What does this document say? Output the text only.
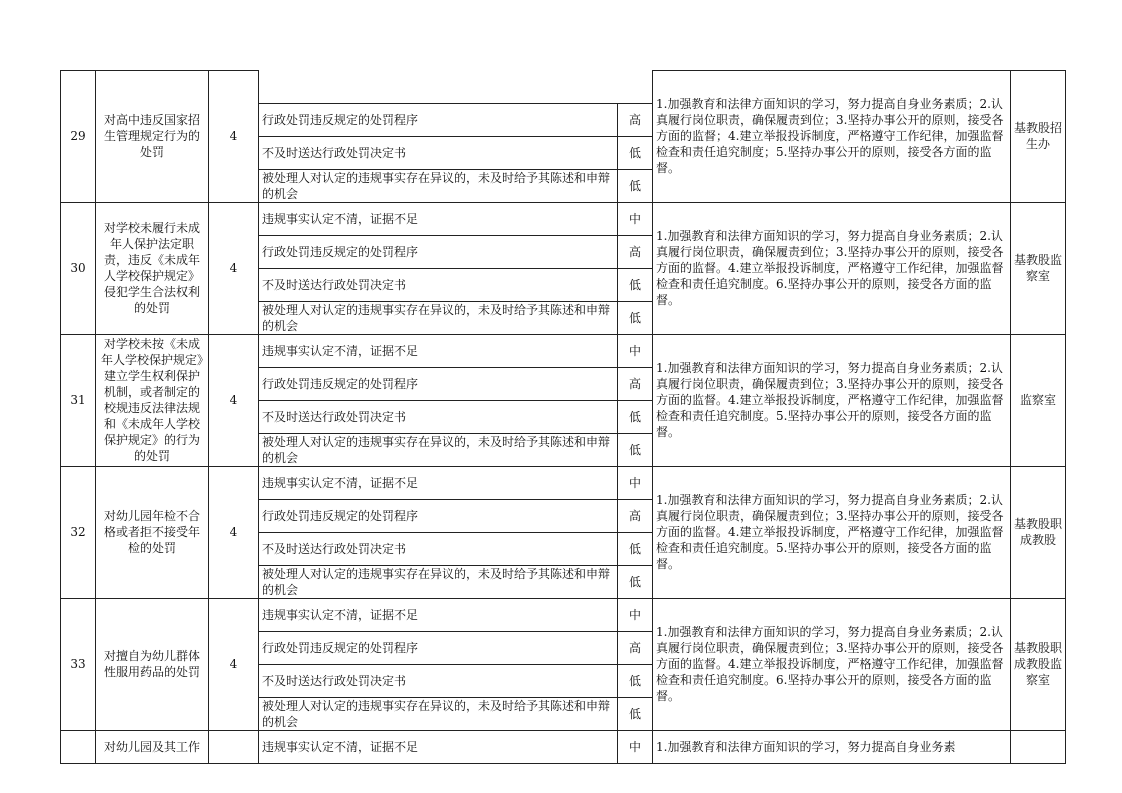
29	对高中违反国家招生管理规定行为的处罚	4			1.加强教育和法律方面知识的学习，努力提高自身业务素质；2.认真履行岗位职责，确保履责到位；3.坚持办事公开的原则，接受各方面的监督；4.建立举报投诉制度，严格遵守工作纪律，加强监督检查和责任追究制度；5.坚持办事公开的原则，接受各方面的监督。	基教股招生办
			行政处罚违反规定的处罚程序	高		
			不及时送达行政处罚决定书	低		
			被处理人对认定的违规事实存在异议的，未及时给予其陈述和申辩的机会	低		
30	对学校未履行未成年人保护法定职责，违反《未成年人学校保护规定》侵犯学生合法权利的处罚	4	违规事实认定不清，证据不足	中	1.加强教育和法律方面知识的学习，努力提高自身业务素质；2.认真履行岗位职责，确保履责到位；3.坚持办事公开的原则，接受各方面的监督。4.建立举报投诉制度，严格遵守工作纪律，加强监督检查和责任追究制度。6.坚持办事公开的原则，接受各方面的监督。	基教股监察室
			行政处罚违反规定的处罚程序	高		
			不及时送达行政处罚决定书	低		
			被处理人对认定的违规事实存在异议的，未及时给予其陈述和申辩的机会	低		
31	对学校未按《未成年人学校保护规定》建立学生权利保护机制，或者制定的校规违反法律法规和《未成年人学校保护规定》的行为的处罚	4	违规事实认定不清，证据不足	中	1.加强教育和法律方面知识的学习，努力提高自身业务素质；2.认真履行岗位职责，确保履责到位；3.坚持办事公开的原则，接受各方面的监督。4.建立举报投诉制度，严格遵守工作纪律，加强监督检查和责任追究制度。5.坚持办事公开的原则，接受各方面的监督。	监察室
			行政处罚违反规定的处罚程序	高		
			不及时送达行政处罚决定书	低		
			被处理人对认定的违规事实存在异议的，未及时给予其陈述和申辩的机会	低		
32	对幼儿园年检不合格或者拒不接受年检的处罚	4	违规事实认定不清，证据不足	中	1.加强教育和法律方面知识的学习，努力提高自身业务素质；2.认真履行岗位职责，确保履责到位；3.坚持办事公开的原则，接受各方面的监督。4.建立举报投诉制度，严格遵守工作纪律，加强监督检查和责任追究制度。5.坚持办事公开的原则，接受各方面的监督。	基教股职成教股
			行政处罚违反规定的处罚程序	高		
			不及时送达行政处罚决定书	低		
			被处理人对认定的违规事实存在异议的，未及时给予其陈述和申辩的机会	低		
33	对擅自为幼儿群体性服用药品的处罚	4	违规事实认定不清，证据不足	中	1.加强教育和法律方面知识的学习，努力提高自身业务素质；2.认真履行岗位职责，确保履责到位；3.坚持办事公开的原则，接受各方面的监督。4.建立举报投诉制度，严格遵守工作纪律，加强监督检查和责任追究制度。6.坚持办事公开的原则，接受各方面的监督。	基教股职成教股监察室
			行政处罚违反规定的处罚程序	高		
			不及时送达行政处罚决定书	低		
			被处理人对认定的违规事实存在异议的，未及时给予其陈述和申辩的机会	低		
	对幼儿园及其工作		违规事实认定不清，证据不足	中	1.加强教育和法律方面知识的学习，努力提高自身业务素	
